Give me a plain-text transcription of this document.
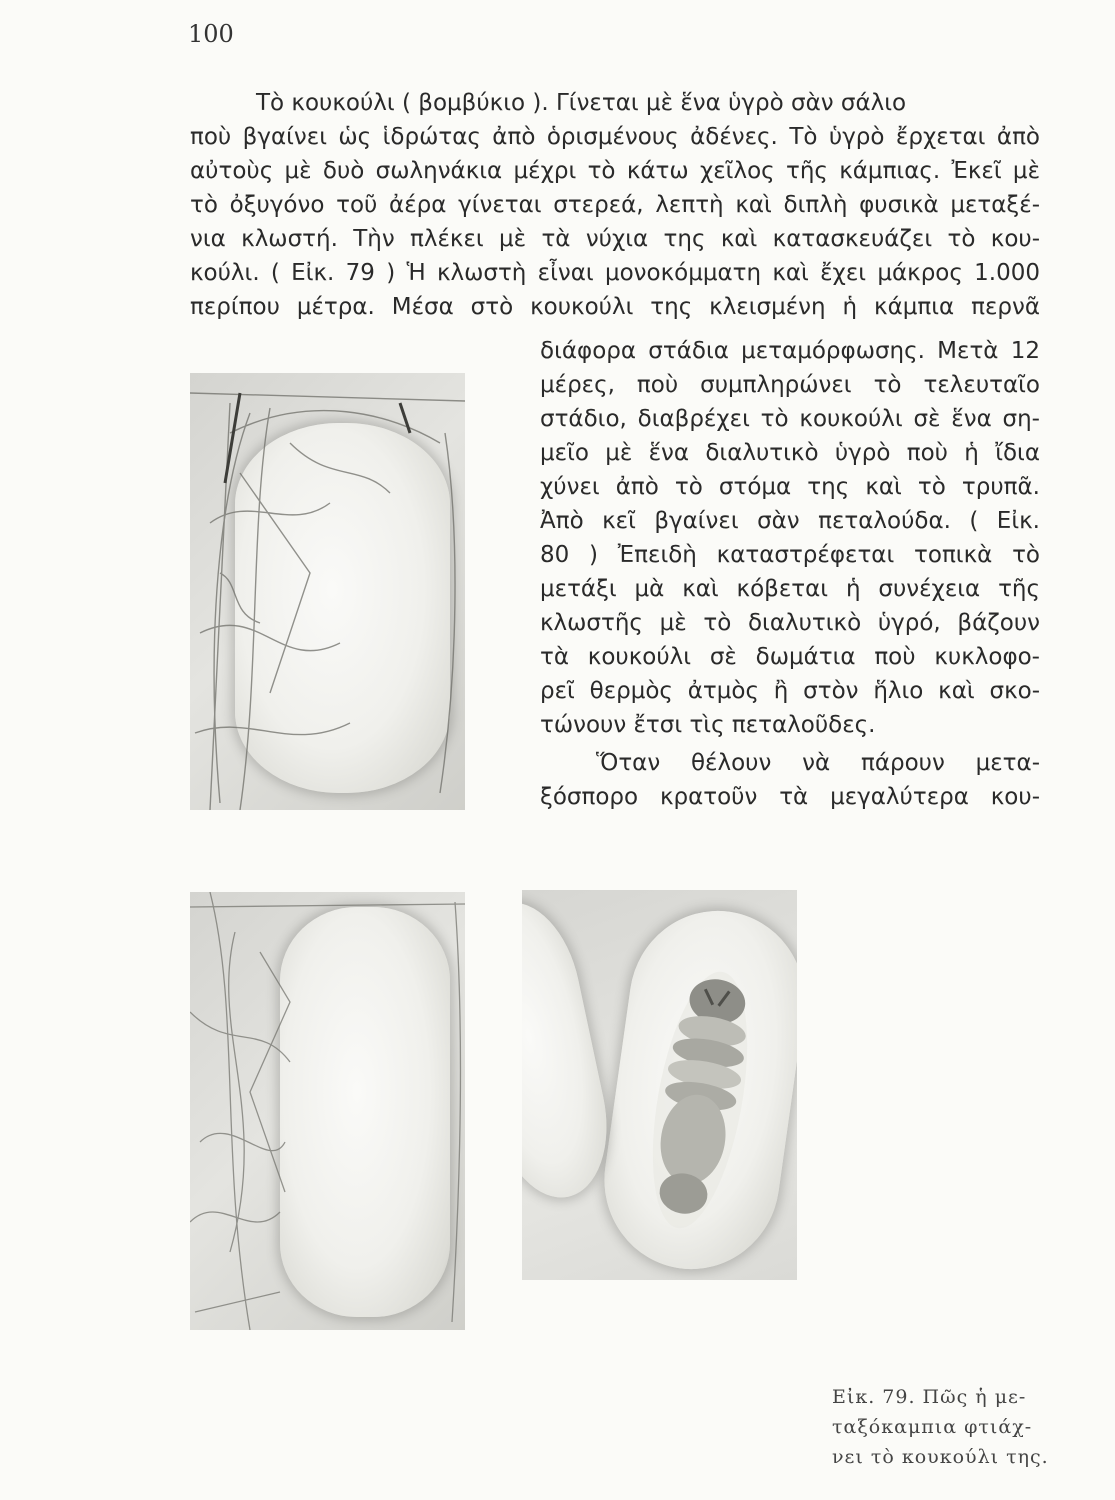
100
Τὸ κουκούλι ( βομβύκιο ). Γίνεται μὲ ἕνα ὑγρὸ σὰν σάλιο
ποὺ βγαίνει ὡς ἱδρώτας ἀπὸ ὁρισμένους ἀδένες. Τὸ ὑγρὸ ἔρχεται ἀπὸ
αὐτοὺς μὲ δυὸ σωληνάκια μέχρι τὸ κάτω χεῖλος τῆς κάμπιας. Ἐκεῖ μὲ
τὸ ὀξυγόνο τοῦ ἀέρα γίνεται στερεά, λεπτὴ καὶ διπλὴ φυσικὰ μεταξέ-
νια κλωστή. Τὴν πλέκει μὲ τὰ νύχια της καὶ κατασκευάζει τὸ κου-
κούλι. ( Εἰκ. 79 ) Ἡ κλωστὴ εἶναι μονοκόμματη καὶ ἔχει μάκρος 1.000
περίπου μέτρα. Μέσα στὸ κουκούλι της κλεισμένη ἡ κάμπια περνᾶ
διάφορα στάδια μεταμόρφωσης. Μετὰ 12
μέρες, ποὺ συμπληρώνει τὸ τελευταῖο
στάδιο, διαβρέχει τὸ κουκούλι σὲ ἕνα ση-
μεῖο μὲ ἕνα διαλυτικὸ ὑγρὸ ποὺ ἡ ἴδια
χύνει ἀπὸ τὸ στόμα της καὶ τὸ τρυπᾶ.
Ἀπὸ κεῖ βγαίνει σὰν πεταλούδα. ( Εἰκ.
80 ) Ἐπειδὴ καταστρέφεται τοπικὰ τὸ
μετάξι μὰ καὶ κόβεται ἡ συνέχεια τῆς
κλωστῆς μὲ τὸ διαλυτικὸ ὑγρό, βάζουν
τὰ κουκούλι σὲ δωμάτια ποὺ κυκλοφο-
ρεῖ θερμὸς ἀτμὸς ἢ στὸν ἥλιο καὶ σκο-
τώνουν ἔτσι τὶς πεταλοῦδες.
Ὅταν θέλουν νὰ πάρουν μετα-
ξόσπορο κρατοῦν τὰ μεγαλύτερα κου-
Εἰκ. 79. Πῶς ἡ με-
ταξόκαμπια φτιάχ-
νει τὸ κουκούλι της.
